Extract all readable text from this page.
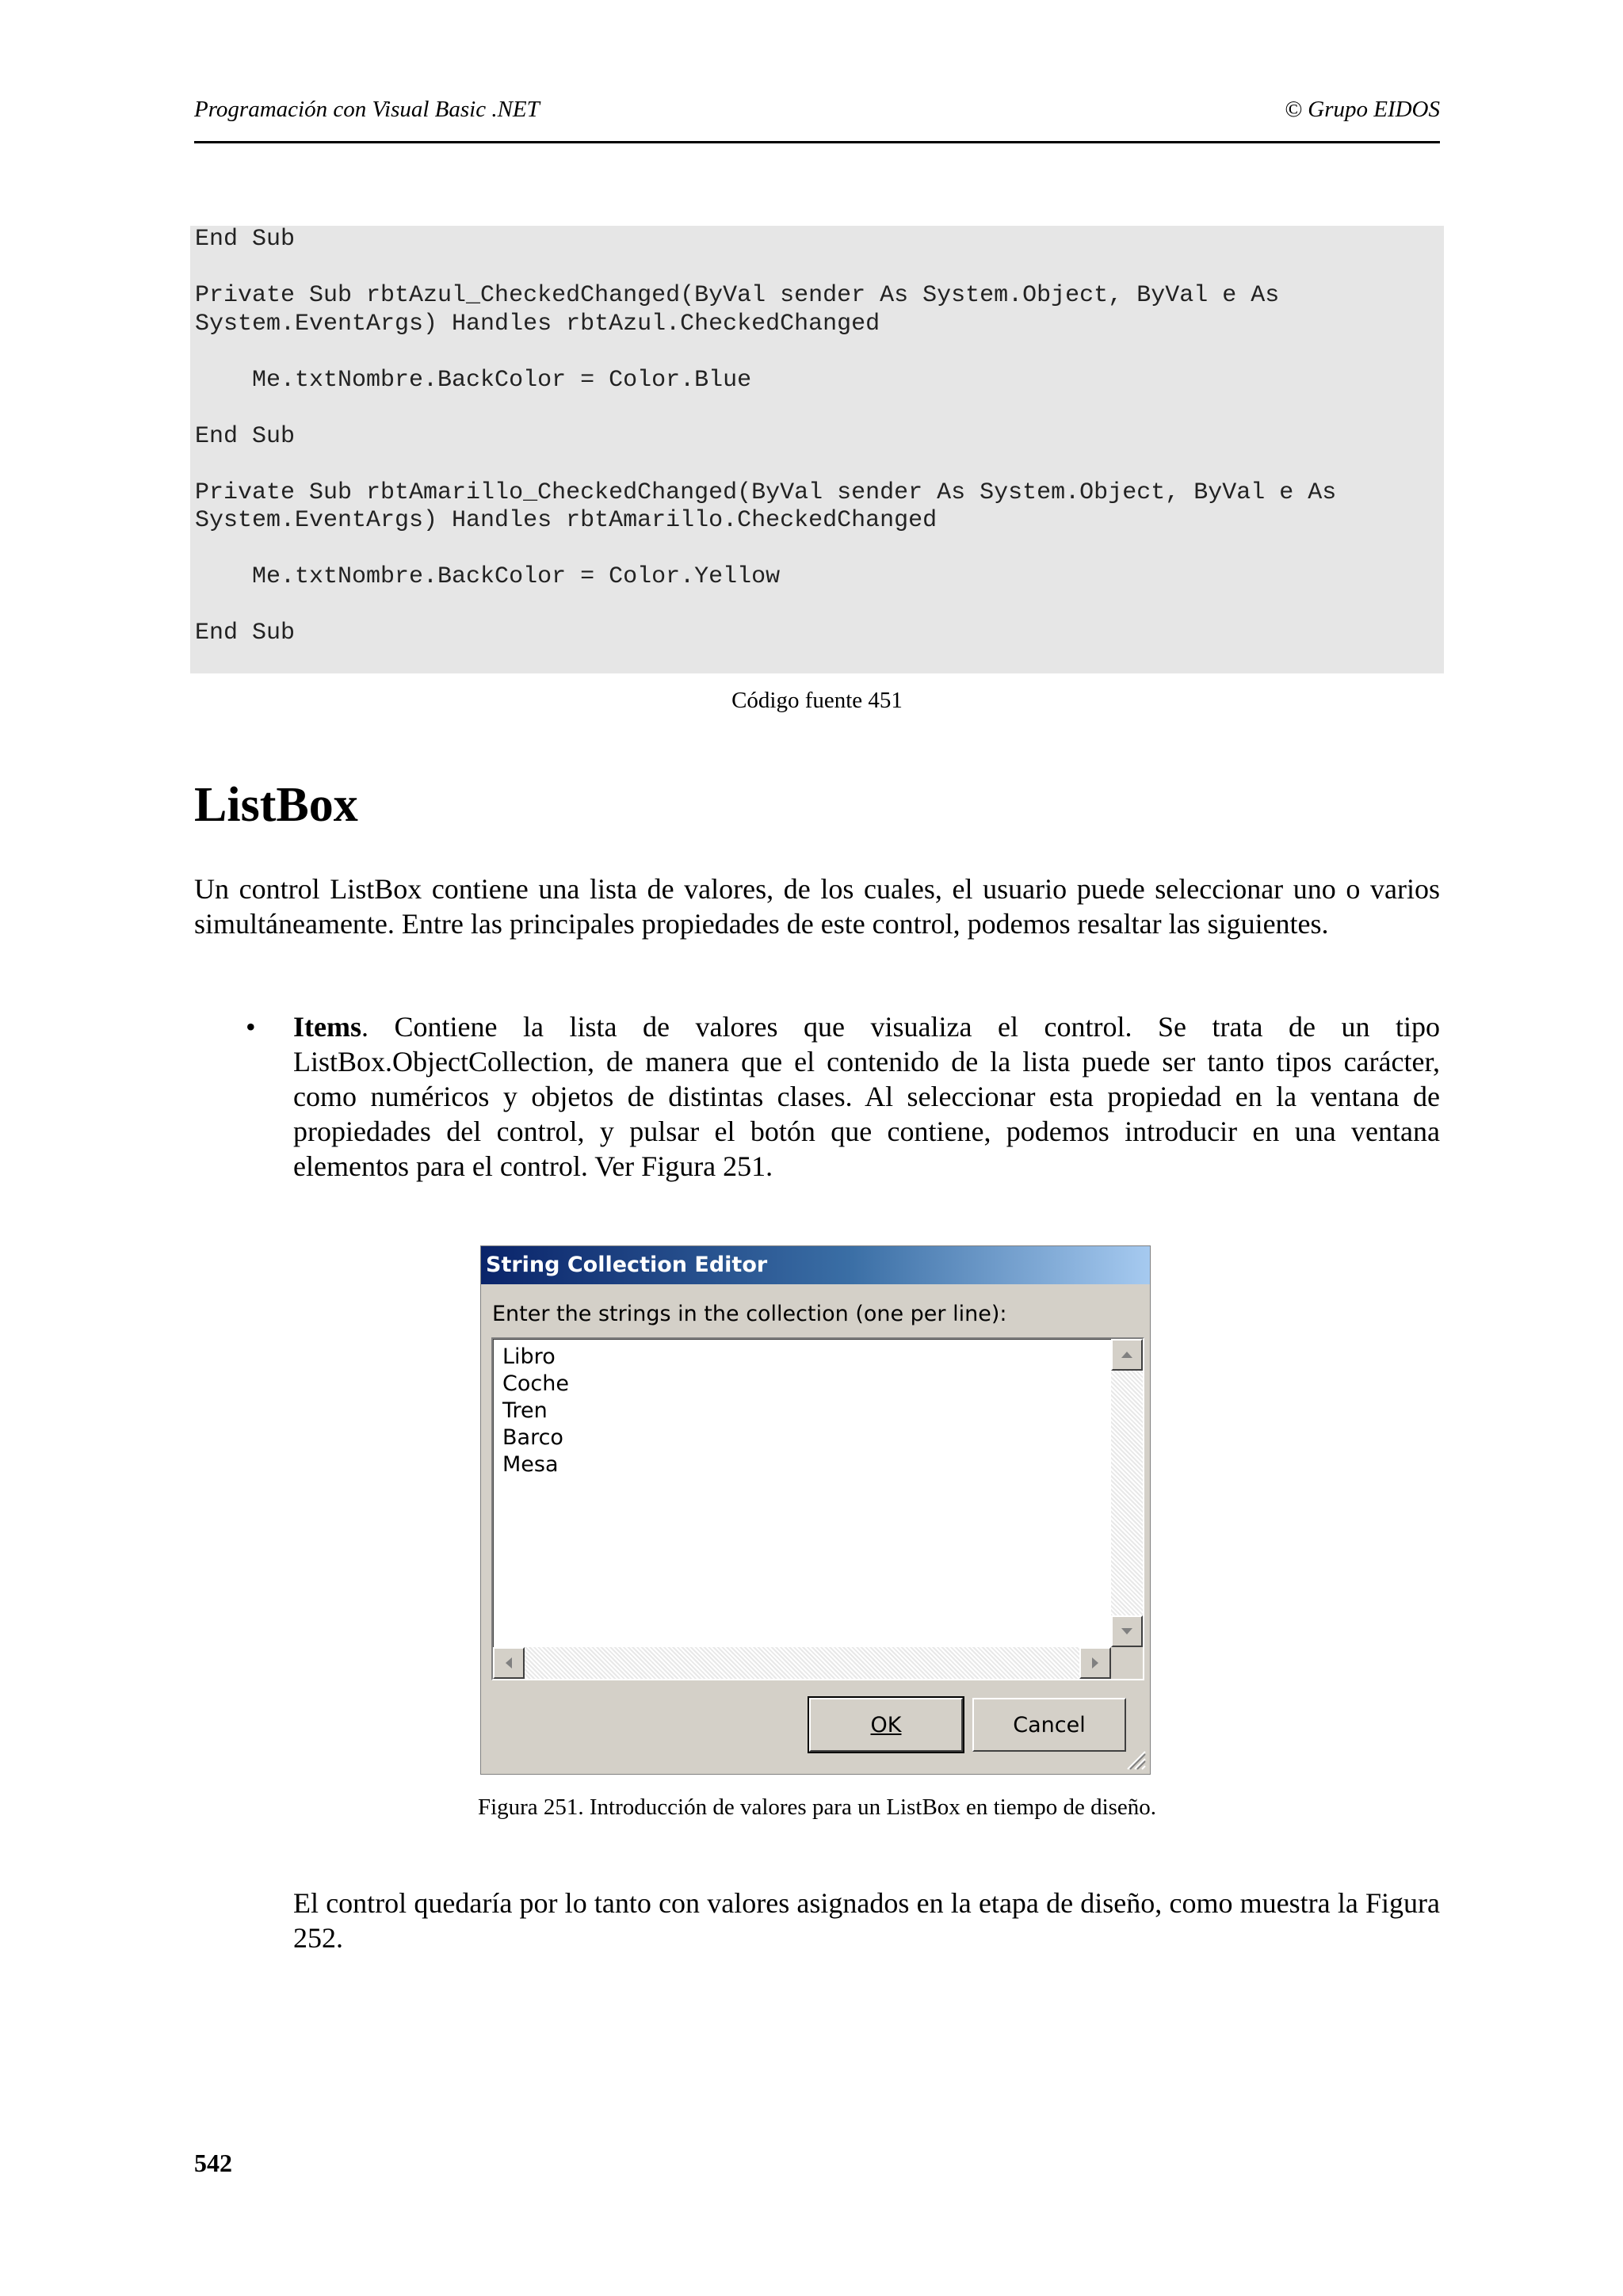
Programación con Visual Basic .NET	© Grupo EIDOS
End Sub

Private Sub rbtAzul_CheckedChanged(ByVal sender As System.Object, ByVal e As
System.EventArgs) Handles rbtAzul.CheckedChanged

Me.txtNombre.BackColor = Color.Blue

End Sub

Private Sub rbtAmarillo_CheckedChanged(ByVal sender As System.Object, ByVal e As
System.EventArgs) Handles rbtAmarillo.CheckedChanged

Me.txtNombre.BackColor = Color.Yellow

End Sub
Código fuente 451
ListBox

Un control ListBox contiene una lista de valores, de los cuales, el usuario puede seleccionar uno o varios simultáneamente. Entre las principales propiedades de este control, podemos resaltar las siguientes.

• Items. Contiene la lista de valores que visualiza el control. Se trata de un tipo ListBox.ObjectCollection, de manera que el contenido de la lista puede ser tanto tipos carácter, como numéricos y objetos de distintas clases. Al seleccionar esta propiedad en la ventana de propiedades del control, y pulsar el botón que contiene, podemos introducir en una ventana elementos para el control. Ver Figura 251.

String Collection Editor
Enter the strings in the collection (one per line):
Libro
Coche
Tren
Barco
Mesa
OK	Cancel
Figura 251. Introducción de valores para un ListBox en tiempo de diseño.

El control quedaría por lo tanto con valores asignados en la etapa de diseño, como muestra la Figura 252.

542
